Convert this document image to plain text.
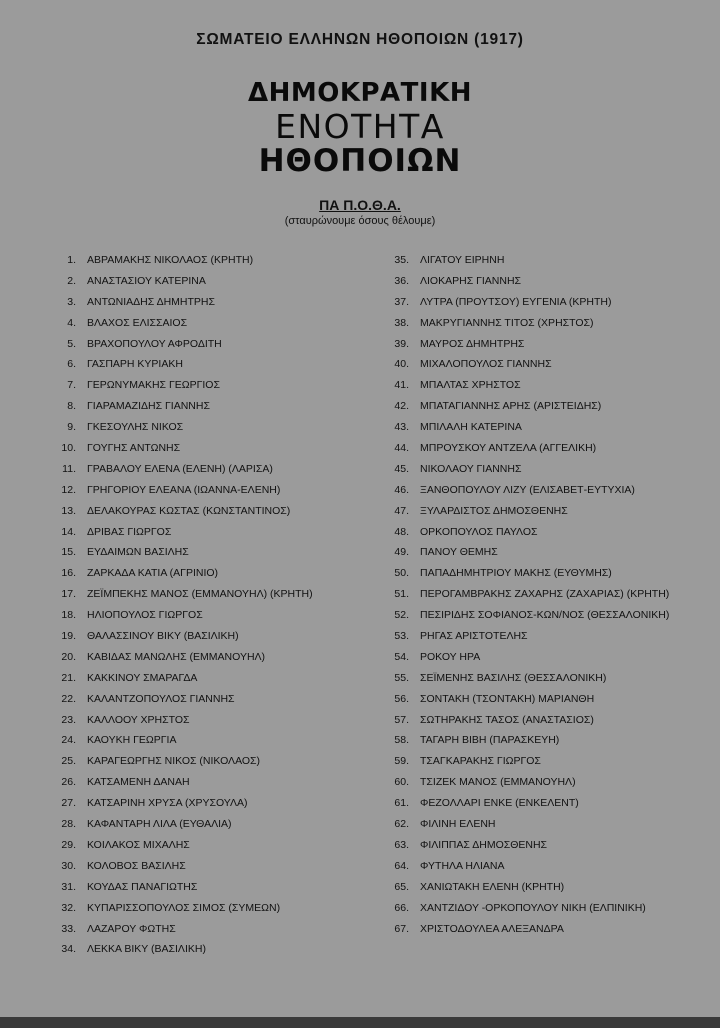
ΣΩΜΑΤΕΙΟ ΕΛΛΗΝΩΝ ΗΘΟΠΟΙΩΝ (1917)
ΔΗΜΟΚΡΑΤΙΚΗ
ΕΝΟΤΗΤΑ
ΗΘΟΠΟΙΩΝ
ΠΑ Π.Ο.Θ.Α.
(σταυρώνουμε όσους θέλουμε)
1.	ΑΒΡΑΜΑΚΗΣ ΝΙΚΟΛΑΟΣ (ΚΡΗΤΗ)
2.	ΑΝΑΣΤΑΣΙΟΥ ΚΑΤΕΡΙΝΑ
3.	ΑΝΤΩΝΙΑΔΗΣ ΔΗΜΗΤΡΗΣ
4.	ΒΛΑΧΟΣ ΕΛΙΣΣΑΙΟΣ
5.	ΒΡΑΧΟΠΟΥΛΟΥ ΑΦΡΟΔΙΤΗ
6.	ΓΑΣΠΑΡΗ ΚΥΡΙΑΚΗ
7.	ΓΕΡΩΝΥΜΑΚΗΣ ΓΕΩΡΓΙΟΣ
8.	ΓΙΑΡΑΜΑΖΙΔΗΣ ΓΙΑΝΝΗΣ
9.	ΓΚΕΣΟΥΛΗΣ ΝΙΚΟΣ
10.	ΓΟΥΓΗΣ ΑΝΤΩΝΗΣ
11.	ΓΡΑΒΑΛΟΥ ΕΛΕΝΑ (ΕΛΕΝΗ) (ΛΑΡΙΣΑ)
12.	ΓΡΗΓΟΡΙΟΥ ΕΛΕΑΝΑ (ΙΩΑΝΝΑ-ΕΛΕΝΗ)
13.	ΔΕΛΑΚΟΥΡΑΣ ΚΩΣΤΑΣ (ΚΩΝΣΤΑΝΤΙΝΟΣ)
14.	ΔΡΙΒΑΣ ΓΙΩΡΓΟΣ
15.	ΕΥΔΑΙΜΩΝ ΒΑΣΙΛΗΣ
16.	ΖΑΡΚΑΔΑ ΚΑΤΙΑ (ΑΓΡΙΝΙΟ)
17.	ΖΕΪΜΠΕΚΗΣ ΜΑΝΟΣ (ΕΜΜΑΝΟΥΗΛ) (ΚΡΗΤΗ)
18.	ΗΛΙΟΠΟΥΛΟΣ ΓΙΩΡΓΟΣ
19.	ΘΑΛΑΣΣΙΝΟΥ ΒΙΚΥ (ΒΑΣΙΛΙΚΗ)
20.	ΚΑΒΙΔΑΣ ΜΑΝΩΛΗΣ (ΕΜΜΑΝΟΥΗΛ)
21.	ΚΑΚΚΙΝΟΥ ΣΜΑΡΑΓΔΑ
22.	ΚΑΛΑΝΤΖΟΠΟΥΛΟΣ ΓΙΑΝΝΗΣ
23.	ΚΑΛΛΟΟΥ ΧΡΗΣΤΟΣ
24.	ΚΑΟΥΚΗ ΓΕΩΡΓΙΑ
25.	ΚΑΡΑΓΕΩΡΓΗΣ ΝΙΚΟΣ (ΝΙΚΟΛΑΟΣ)
26.	ΚΑΤΣΑΜΕΝΗ ΔΑΝΑΗ
27.	ΚΑΤΣΑΡΙΝΗ ΧΡΥΣΑ (ΧΡΥΣΟΥΛΑ)
28.	ΚΑΦΑΝΤΑΡΗ ΛΙΛΑ (ΕΥΘΑΛΙΑ)
29.	ΚΟΙΛΑΚΟΣ ΜΙΧΑΛΗΣ
30.	ΚΟΛΟΒΟΣ ΒΑΣΙΛΗΣ
31.	ΚΟΥΔΑΣ ΠΑΝΑΓΙΩΤΗΣ
32.	ΚΥΠΑΡΙΣΣΟΠΟΥΛΟΣ ΣΙΜΟΣ (ΣΥΜΕΩΝ)
33.	ΛΑΖΑΡΟΥ ΦΩΤΗΣ
34.	ΛΕΚΚΑ ΒΙΚΥ (ΒΑΣΙΛΙΚΗ)
35.	ΛΙΓΑΤΟΥ ΕΙΡΗΝΗ
36.	ΛΙΟΚΑΡΗΣ ΓΙΑΝΝΗΣ
37.	ΛΥΤΡΑ (ΠΡΟΥΤΣΟΥ) ΕΥΓΕΝΙΑ (ΚΡΗΤΗ)
38.	ΜΑΚΡΥΓΙΑΝΝΗΣ ΤΙΤΟΣ (ΧΡΗΣΤΟΣ)
39.	ΜΑΥΡΟΣ ΔΗΜΗΤΡΗΣ
40.	ΜΙΧΑΛΟΠΟΥΛΟΣ ΓΙΑΝΝΗΣ
41.	ΜΠΑΛΤΑΣ ΧΡΗΣΤΟΣ
42.	ΜΠΑΤΑΓΙΑΝΝΗΣ ΑΡΗΣ (ΑΡΙΣΤΕΙΔΗΣ)
43.	ΜΠΙΛΑΛΗ ΚΑΤΕΡΙΝΑ
44.	ΜΠΡΟΥΣΚΟΥ ΑΝΤΖΕΛΑ (ΑΓΓΕΛΙΚΗ)
45.	ΝΙΚΟΛΑΟΥ ΓΙΑΝΝΗΣ
46.	ΞΑΝΘΟΠΟΥΛΟΥ ΛΙΖΥ (ΕΛΙΣΑΒΕΤ-ΕΥΤΥΧΙΑ)
47.	ΞΥΛΑΡΔΙΣΤΟΣ ΔΗΜΟΣΘΕΝΗΣ
48.	ΟΡΚΟΠΟΥΛΟΣ ΠΑΥΛΟΣ
49.	ΠΑΝΟΥ ΘΕΜΗΣ
50.	ΠΑΠΑΔΗΜΗΤΡΙΟΥ ΜΑΚΗΣ (ΕΥΘΥΜΗΣ)
51.	ΠΕΡΟΓΑΜΒΡΑΚΗΣ ΖΑΧΑΡΗΣ (ΖΑΧΑΡΙΑΣ) (ΚΡΗΤΗ)
52.	ΠΕΣΙΡΙΔΗΣ ΣΟΦΙΑΝΟΣ-ΚΩΝ/ΝΟΣ (ΘΕΣΣΑΛΟΝΙΚΗ)
53.	ΡΗΓΑΣ ΑΡΙΣΤΟΤΕΛΗΣ
54.	ΡΟΚΟΥ ΗΡΑ
55.	ΣΕΪΜΕΝΗΣ ΒΑΣΙΛΗΣ (ΘΕΣΣΑΛΟΝΙΚΗ)
56.	ΣΟΝΤΑΚΗ (ΤΣΟΝΤΑΚΗ) ΜΑΡΙΑΝΘΗ
57.	ΣΩΤΗΡΑΚΗΣ ΤΑΣΟΣ (ΑΝΑΣΤΑΣΙΟΣ)
58.	ΤΑΓΑΡΗ ΒΙΒΗ (ΠΑΡΑΣΚΕΥΗ)
59.	ΤΣΑΓΚΑΡΑΚΗΣ ΓΙΩΡΓΟΣ
60.	ΤΣΙΖΕΚ ΜΑΝΟΣ (ΕΜΜΑΝΟΥΗΛ)
61.	ΦΕΖΟΛΛΑΡΙ ΕΝΚΕ (ΕΝΚΕΛΕΝΤ)
62.	ΦΙΛΙΝΗ ΕΛΕΝΗ
63.	ΦΙΛΙΠΠΑΣ ΔΗΜΟΣΘΕΝΗΣ
64.	ΦΥΤΗΛΑ ΗΛΙΑΝΑ
65.	ΧΑΝΙΩΤΑΚΗ ΕΛΕΝΗ (ΚΡΗΤΗ)
66.	ΧΑΝΤΖΙΔΟΥ -ΟΡΚΟΠΟΥΛΟΥ ΝΙΚΗ (ΕΛΠΙΝΙΚΗ)
67.	ΧΡΙΣΤΟΔΟΥΛΕΑ ΑΛΕΞΑΝΔΡΑ
